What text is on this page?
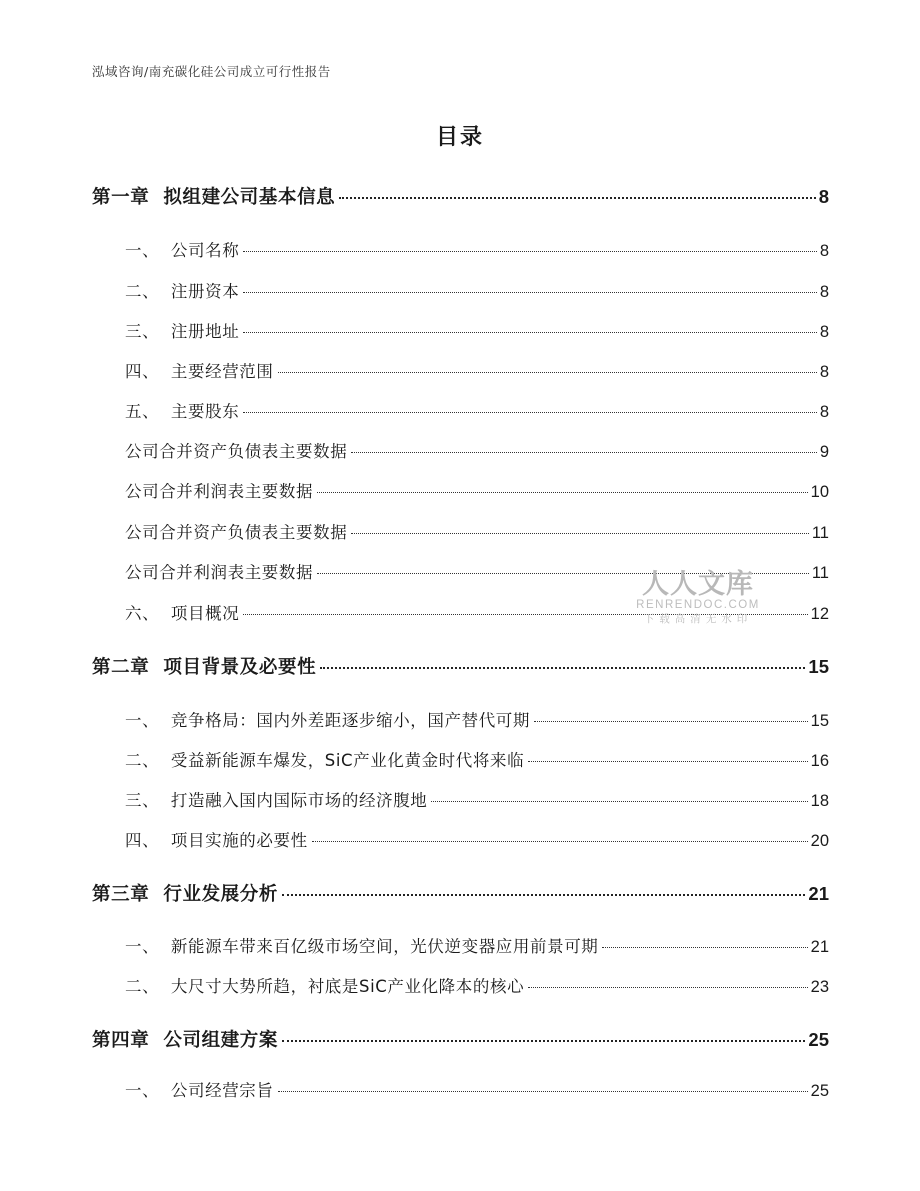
泓域咨询/南充碳化硅公司成立可行性报告
目录
第一章  拟组建公司基本信息	8
一、  公司名称	8
二、  注册资本	8
三、  注册地址	8
四、  主要经营范围	8
五、  主要股东	8
公司合并资产负债表主要数据	9
公司合并利润表主要数据	10
公司合并资产负债表主要数据	11
公司合并利润表主要数据	11
六、  项目概况	12
第二章  项目背景及必要性	15
一、  竞争格局：国内外差距逐步缩小，国产替代可期	15
二、  受益新能源车爆发，SiC产业化黄金时代将来临	16
三、  打造融入国内国际市场的经济腹地	18
四、  项目实施的必要性	20
第三章  行业发展分析	21
一、  新能源车带来百亿级市场空间，光伏逆变器应用前景可期	21
二、  大尺寸大势所趋，衬底是SiC产业化降本的核心	23
第四章  公司组建方案	25
一、  公司经营宗旨	25
人人文库
RENRENDOC.COM
下载高清无水印
